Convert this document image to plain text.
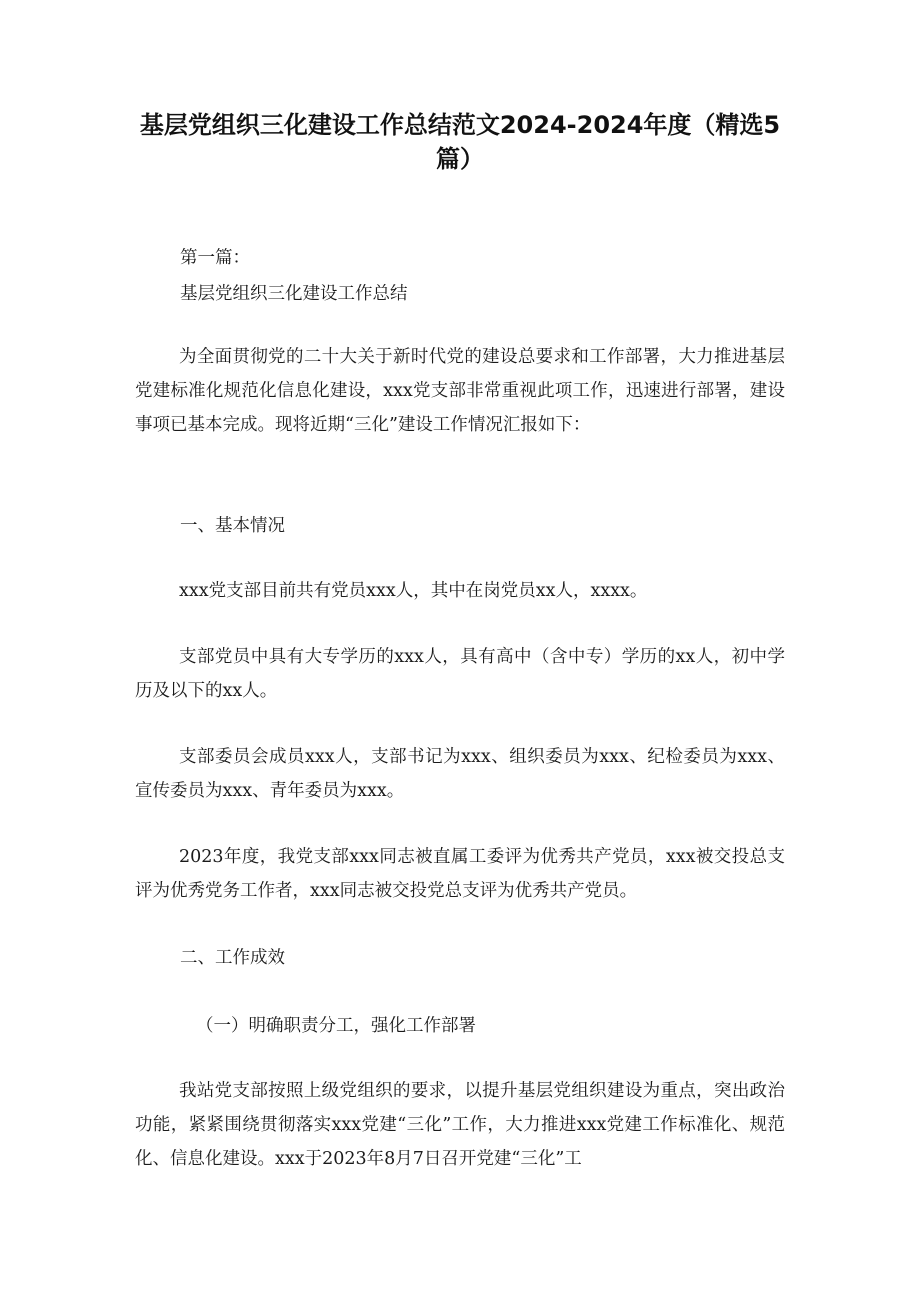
基层党组织三化建设工作总结范文2024-2024年度（精选5篇）
第一篇：
基层党组织三化建设工作总结

为全面贯彻党的二十大关于新时代党的建设总要求和工作部署，大力推进基层党建标准化规范化信息化建设，xxx党支部非常重视此项工作，迅速进行部署，建设事项已基本完成。现将近期“三化”建设工作情况汇报如下：

一、基本情况

xxx党支部目前共有党员xxx人，其中在岗党员xx人，xxxx。

支部党员中具有大专学历的xxx人，具有高中（含中专）学历的xx人，初中学历及以下的xx人。

支部委员会成员xxx人，支部书记为xxx、组织委员为xxx、纪检委员为xxx、宣传委员为xxx、青年委员为xxx。

2023年度，我党支部xxx同志被直属工委评为优秀共产党员，xxx被交投总支评为优秀党务工作者，xxx同志被交投党总支评为优秀共产党员。

二、工作成效
（一）明确职责分工，强化工作部署

我站党支部按照上级党组织的要求，以提升基层党组织建设为重点，突出政治功能，紧紧围绕贯彻落实xxx党建“三化”工作，大力推进xxx党建工作标准化、规范化、信息化建设。xxx于2023年8月7日召开党建“三化”工
